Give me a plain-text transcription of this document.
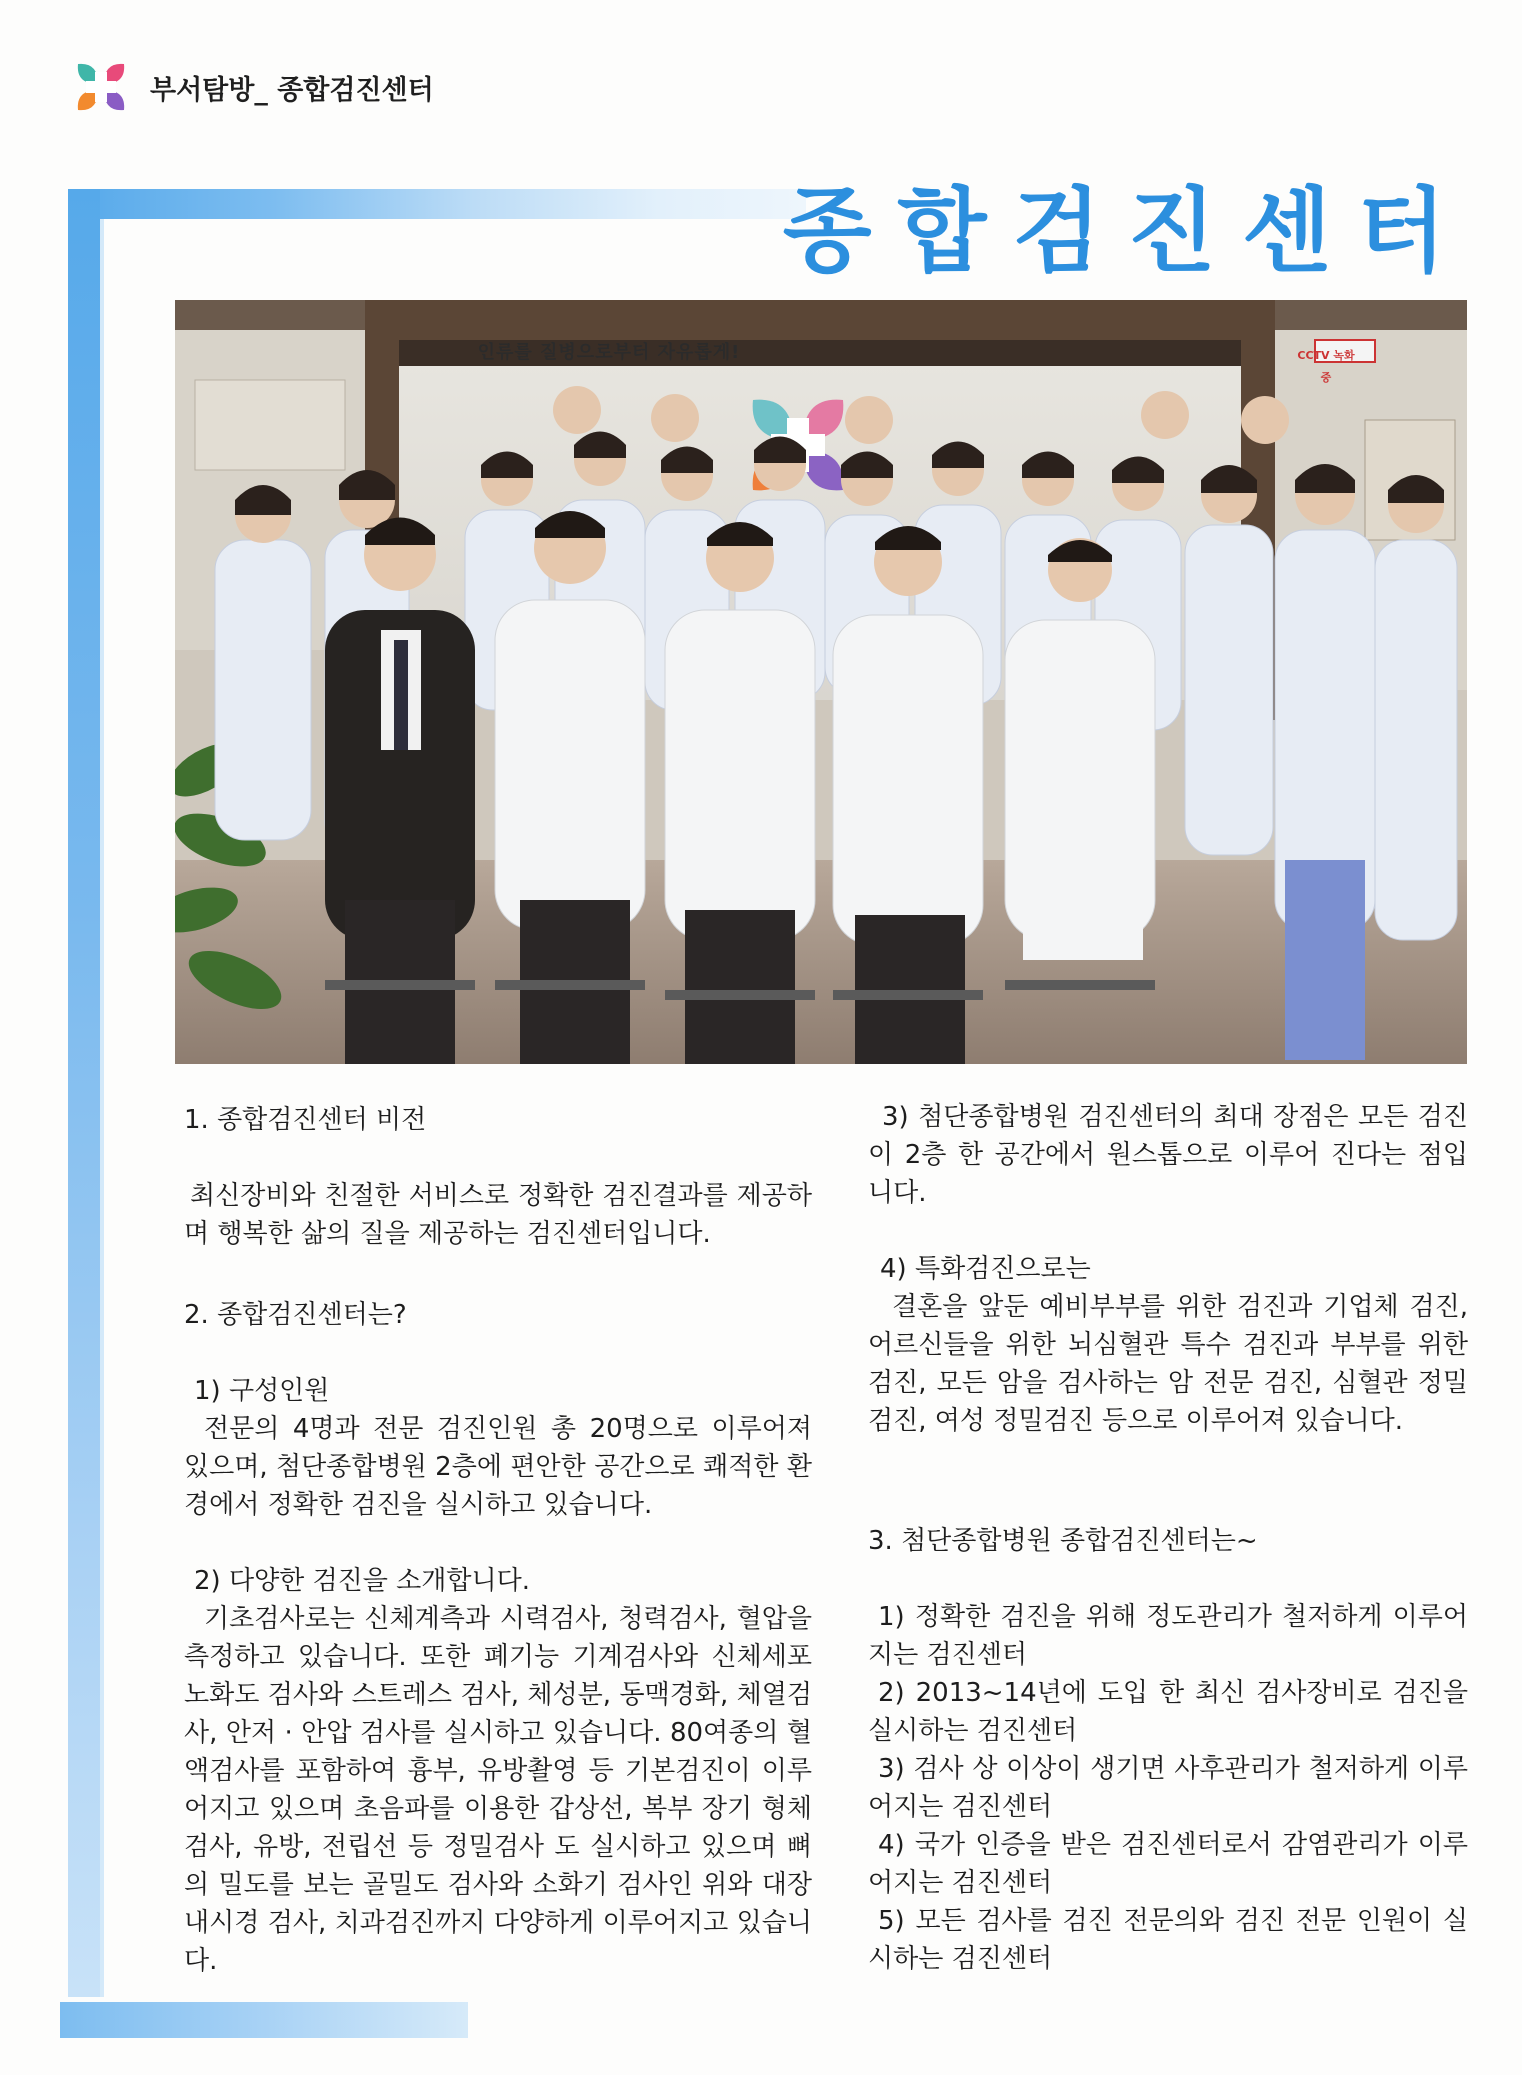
부서탐방_ 종합검진센터
종합검진센터
인류를 질병으로부터 자유롭게!	CCTV 녹화중

1. 종합검진센터 비전

최신장비와 친절한 서비스로 정확한 검진결과를 제공하며 행복한 삶의 질을 제공하는 검진센터입니다.

2. 종합검진센터는?

1) 구성인원

전문의 4명과 전문 검진인원 총 20명으로 이루어져 있으며, 첨단종합병원 2층에 편안한 공간으로 쾌적한 환경에서 정확한 검진을 실시하고 있습니다.

2) 다양한 검진을 소개합니다.

기초검사로는 신체계측과 시력검사, 청력검사, 혈압을 측정하고 있습니다. 또한 폐기능 기계검사와 신체세포 노화도 검사와 스트레스 검사, 체성분, 동맥경화, 체열검사, 안저 · 안압 검사를 실시하고 있습니다. 80여종의 혈액검사를 포함하여 흉부, 유방촬영 등 기본검진이 이루어지고 있으며 초음파를 이용한 갑상선, 복부 장기 형체검사, 유방, 전립선 등 정밀검사 도 실시하고 있으며 뼈의 밀도를 보는 골밀도 검사와 소화기 검사인 위와 대장 내시경 검사, 치과검진까지 다양하게 이루어지고 있습니다.

3) 첨단종합병원 검진센터의 최대 장점은 모든 검진이 2층 한 공간에서 원스톱으로 이루어 진다는 점입니다.

4) 특화검진으로는

결혼을 앞둔 예비부부를 위한 검진과 기업체 검진, 어르신들을 위한 뇌심혈관 특수 검진과 부부를 위한 검진, 모든 암을 검사하는 암 전문 검진, 심혈관 정밀 검진, 여성 정밀검진 등으로 이루어져 있습니다.

3. 첨단종합병원 종합검진센터는~

1) 정확한 검진을 위해 정도관리가 철저하게 이루어지는 검진센터

2) 2013~14년에 도입 한 최신 검사장비로 검진을 실시하는 검진센터

3) 검사 상 이상이 생기면 사후관리가 철저하게 이루어지는 검진센터

4) 국가 인증을 받은 검진센터로서 감염관리가 이루어지는 검진센터

5) 모든 검사를 검진 전문의와 검진 전문 인원이 실시하는 검진센터
